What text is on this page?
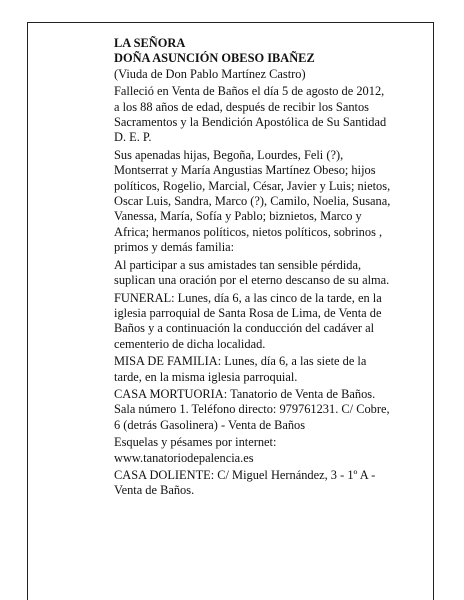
LA SEÑORA
DOÑA ASUNCIÓN OBESO IBAÑEZ
(Viuda de Don Pablo Martínez Castro)
Falleció en Venta de Baños el día 5 de agosto de 2012,
a los 88 años de edad, después de recibir los Santos
Sacramentos y la Bendición Apostólica de Su Santidad
D. E. P.
Sus apenadas hijas, Begoña, Lourdes, Feli (?),
Montserrat y María Angustias Martínez Obeso; hijos
políticos, Rogelio, Marcial, César, Javier y Luis; nietos,
Oscar Luis, Sandra, Marco (?), Camilo, Noelia, Susana,
Vanessa, María, Sofía y Pablo; biznietos, Marco y
Africa; hermanos políticos, nietos políticos, sobrinos ,
primos y demás familia:
Al participar a sus amistades tan sensible pérdida,
suplican una oración por el eterno descanso de su alma.
FUNERAL: Lunes, día 6, a las cinco de la tarde, en la
iglesia parroquial de Santa Rosa de Lima, de Venta de
Baños y a continuación la conducción del cadáver al
cementerio de dicha localidad.
MISA DE FAMILIA: Lunes, día 6, a las siete de la
tarde, en la misma iglesia parroquial.
CASA MORTUORIA: Tanatorio de Venta de Baños.
Sala número 1. Teléfono directo: 979761231. C/ Cobre,
6 (detrás Gasolinera) - Venta de Baños
Esquelas y pésames por internet:
www.tanatoriodepalencia.es
CASA DOLIENTE: C/ Miguel Hernández, 3 - 1º A -
Venta de Baños.
